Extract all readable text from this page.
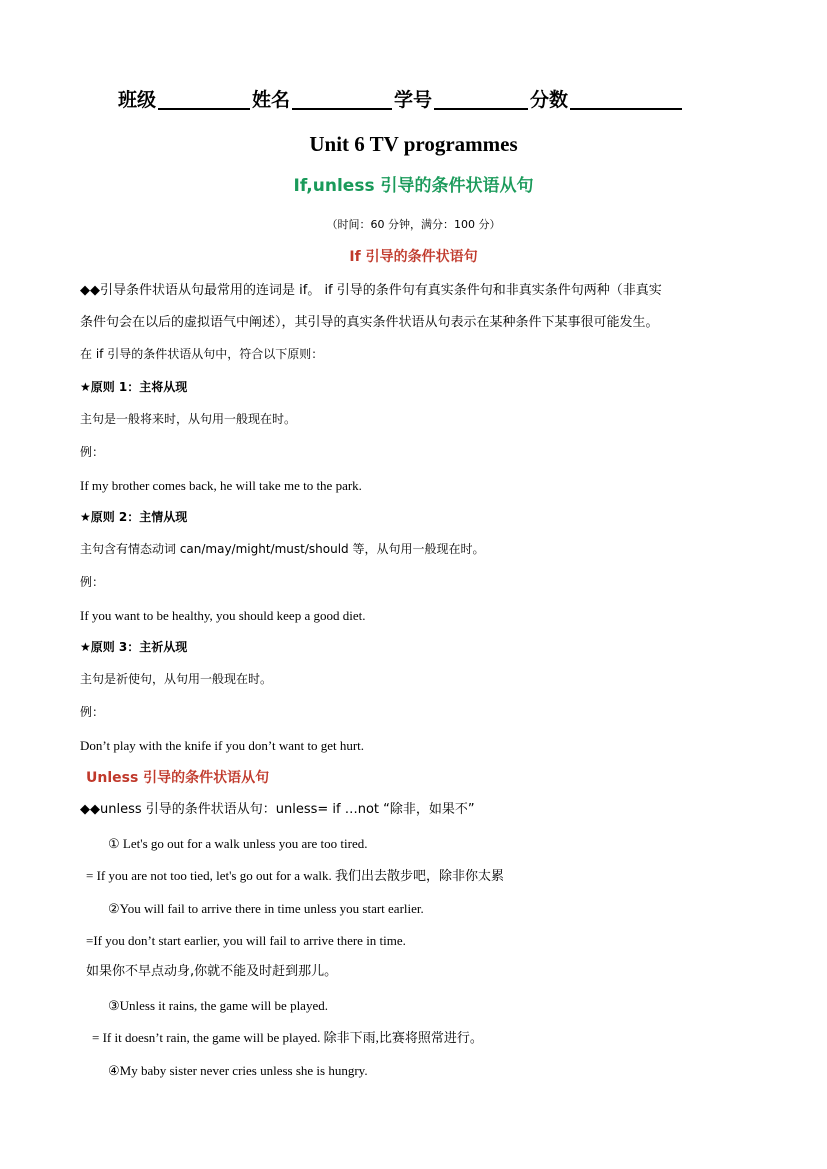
班级	姓名	学号	分数
Unit 6 TV programmes
If,unless 引导的条件状语从句
（时间：60 分钟，满分：100 分）
If 引导的条件状语句
◆◆引导条件状语从句最常用的连词是 if。 if 引导的条件句有真实条件句和非真实条件句两种（非真实
条件句会在以后的虚拟语气中阐述），其引导的真实条件状语从句表示在某种条件下某事很可能发生。
在 if 引导的条件状语从句中，符合以下原则：
★原则 1：主将从现
主句是一般将来时，从句用一般现在时。
例：
If my brother comes back, he will take me to the park.
★原则 2：主情从现
主句含有情态动词 can/may/might/must/should 等，从句用一般现在时。
例：
If you want to be healthy, you should keep a good diet.
★原则 3：主祈从现
主句是祈使句，从句用一般现在时。
例：
Don’t play with the knife if you don’t want to get hurt.
Unless 引导的条件状语从句
◆◆unless 引导的条件状语从句：unless= if …not “除非，如果不”
① Let's go out for a walk unless you are too tired.
= If you are not too tied, let's go out for a walk. 我们出去散步吧，除非你太累
②You will fail to arrive there in time unless you start earlier.
=If you don’t start earlier, you will fail to arrive there in time.
如果你不早点动身,你就不能及时赶到那儿。
③Unless it rains, the game will be played.
= If it doesn’t rain, the game will be played. 除非下雨,比赛将照常进行。
④My baby sister never cries unless she is hungry.
